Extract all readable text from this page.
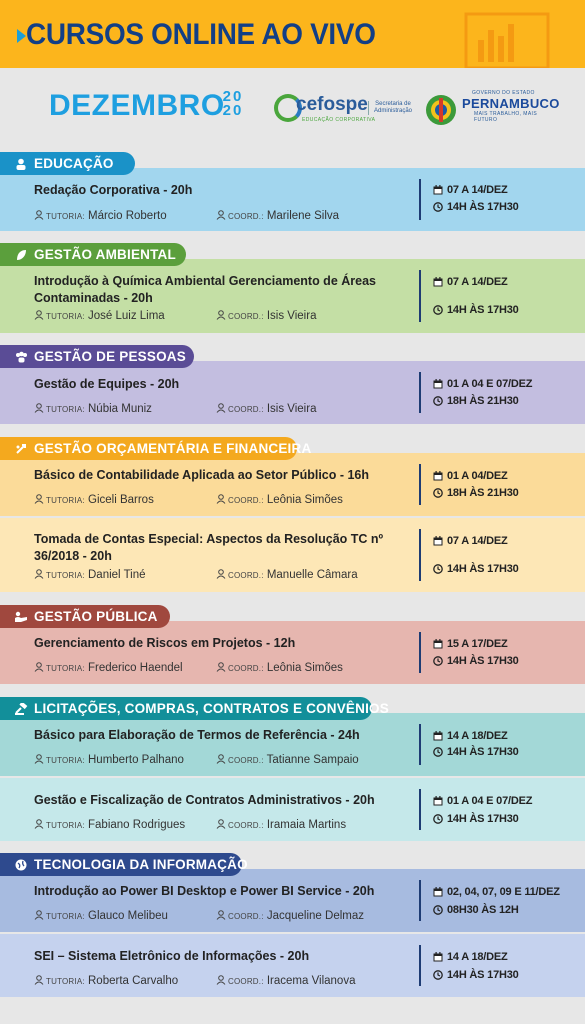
CURSOS ONLINE AO VIVO
DEZEMBRO
20
20	cefospe
EDUCAÇÃO CORPORATIVA
Secretaria de
Administração
GOVERNO DO ESTADO
PERNAMBUCO
MAIS TRABALHO, MAIS FUTURO
Redação Corporativa - 20h
TUTORIA: Márcio Roberto	COORD.: Marilene Silva
07 A 14/DEZ
14H ÀS 17H30
Introdução à Química Ambiental Gerenciamento de Áreas Contaminadas - 20h
TUTORIA: José Luiz Lima	COORD.: Isis Vieira
07 A 14/DEZ
14H ÀS 17H30
Gestão de Equipes - 20h
TUTORIA: Núbia Muniz	COORD.: Isis Vieira
01 A 04 E 07/DEZ
18H ÀS 21H30
Básico de Contabilidade Aplicada ao Setor Público - 16h
TUTORIA: Giceli Barros	COORD.: Leônia Simões
01 A 04/DEZ
18H ÀS 21H30
Tomada de Contas Especial: Aspectos da Resolução TC nº 36/2018 - 20h
TUTORIA: Daniel Tiné	COORD.: Manuelle Câmara
07 A 14/DEZ
14H ÀS 17H30
Gerenciamento de Riscos em Projetos - 12h
TUTORIA: Frederico Haendel	COORD.: Leônia Simões
15 A 17/DEZ
14H ÀS 17H30
Básico para Elaboração de Termos de Referência - 24h
TUTORIA: Humberto Palhano	COORD.: Tatianne Sampaio
14 A 18/DEZ
14H ÀS 17H30
Gestão e Fiscalização de Contratos Administrativos - 20h
TUTORIA: Fabiano Rodrigues	COORD.: Iramaia Martins
01 A 04 E 07/DEZ
14H ÀS 17H30
Introdução ao Power BI Desktop e Power BI Service - 20h
TUTORIA: Glauco Melibeu	COORD.: Jacqueline Delmaz
02, 04, 07, 09 E 11/DEZ
08H30 ÀS 12H
SEI – Sistema Eletrônico de Informações - 20h
TUTORIA: Roberta Carvalho	COORD.: Iracema Vilanova
14 A 18/DEZ
14H ÀS 17H30
EDUCAÇÃO
GESTÃO AMBIENTAL
GESTÃO DE PESSOAS
GESTÃO ORÇAMENTÁRIA E FINANCEIRA
GESTÃO PÚBLICA
LICITAÇÕES, COMPRAS, CONTRATOS E CONVÊNIOS
TECNOLOGIA DA INFORMAÇÃO
